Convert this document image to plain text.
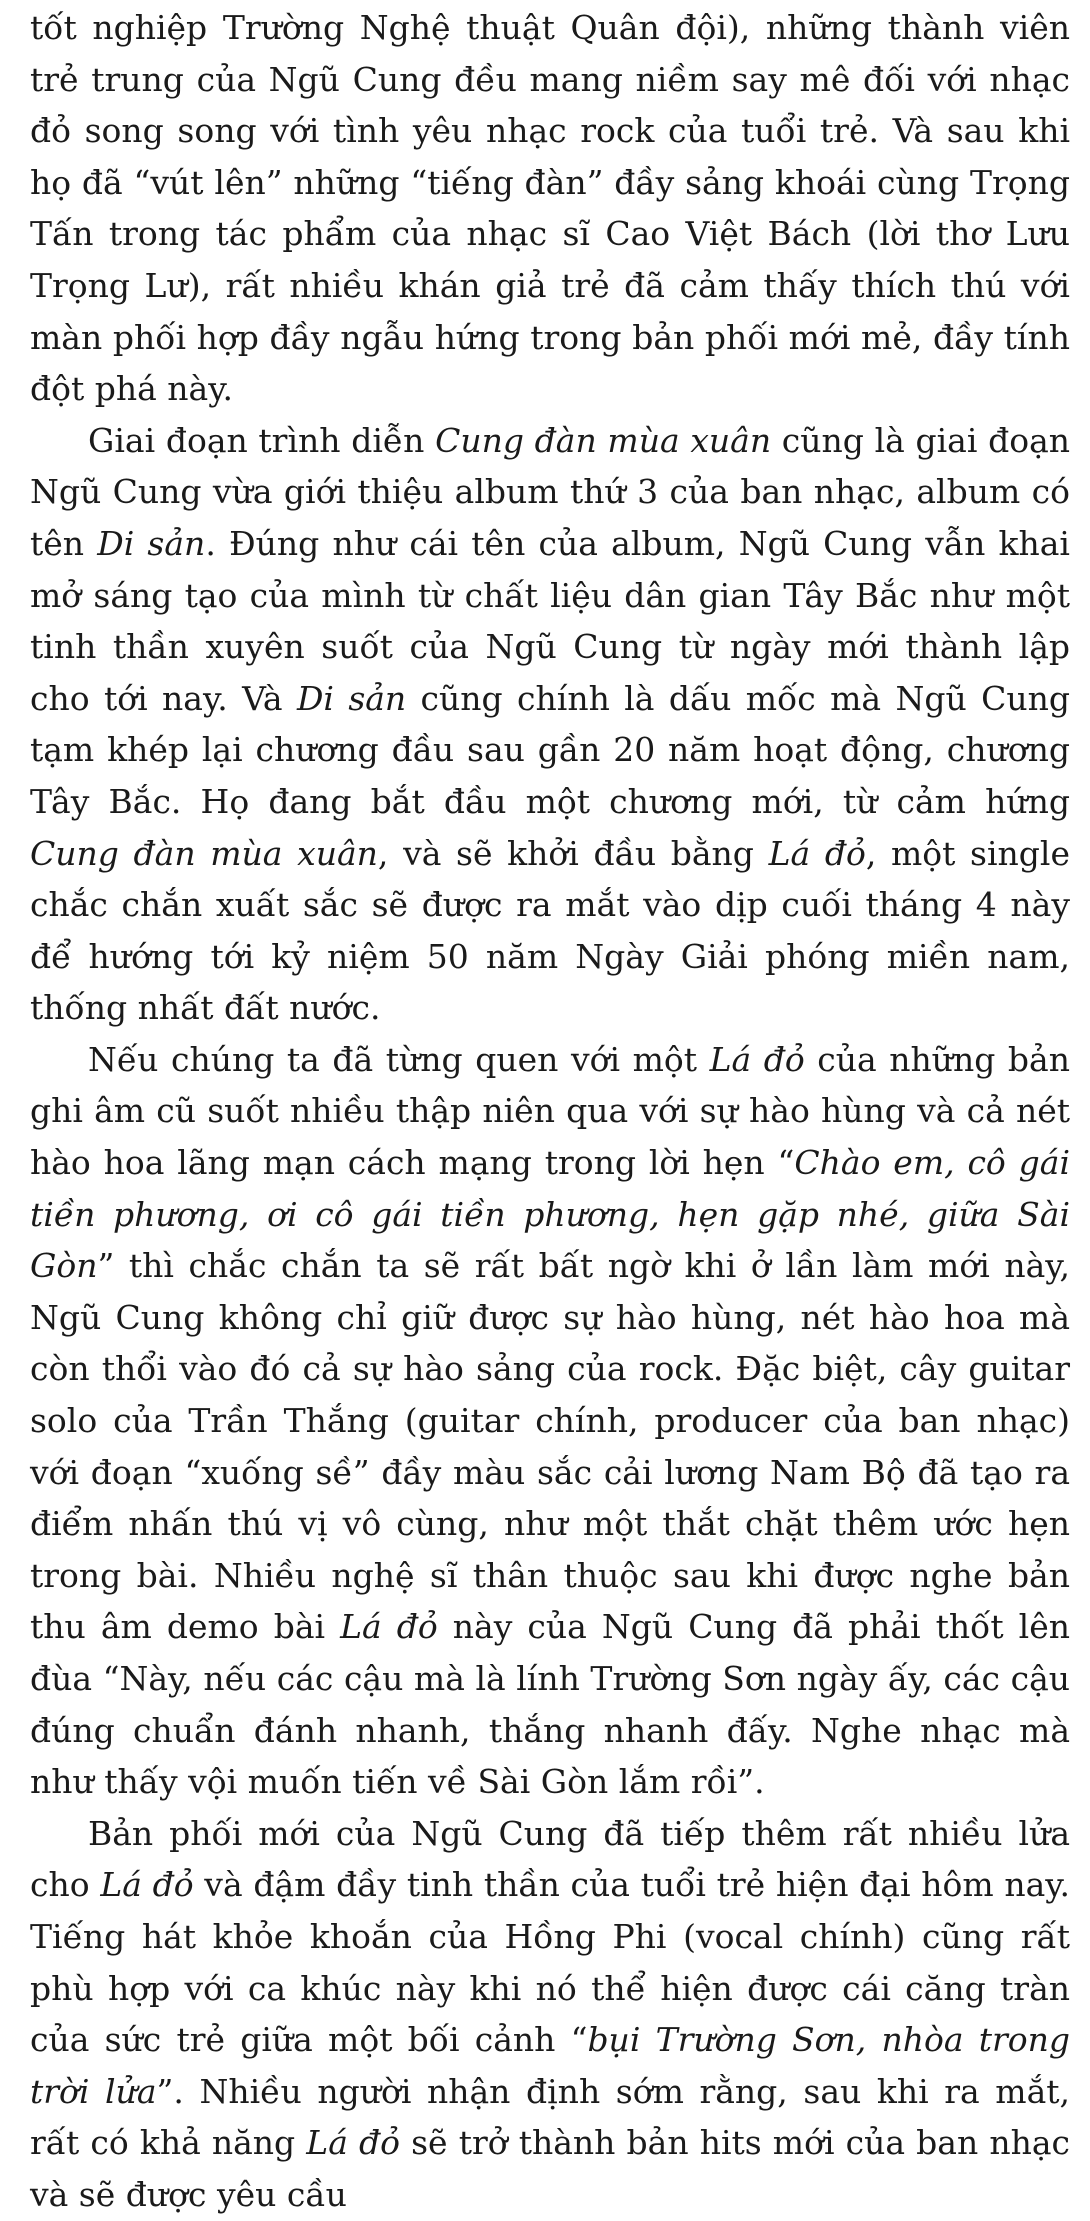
tốt nghiệp Trường Nghệ thuật Quân đội), những thành viên trẻ trung của Ngũ Cung đều mang niềm say mê đối với nhạc đỏ song song với tình yêu nhạc rock của tuổi trẻ. Và sau khi họ đã “vút lên” những “tiếng đàn” đầy sảng khoái cùng Trọng Tấn trong tác phẩm của nhạc sĩ Cao Việt Bách (lời thơ Lưu Trọng Lư), rất nhiều khán giả trẻ đã cảm thấy thích thú với màn phối hợp đầy ngẫu hứng trong bản phối mới mẻ, đầy tính đột phá này.

Giai đoạn trình diễn Cung đàn mùa xuân cũng là giai đoạn Ngũ Cung vừa giới thiệu album thứ 3 của ban nhạc, album có tên Di sản. Đúng như cái tên của album, Ngũ Cung vẫn khai mở sáng tạo của mình từ chất liệu dân gian Tây Bắc như một tinh thần xuyên suốt của Ngũ Cung từ ngày mới thành lập cho tới nay. Và Di sản cũng chính là dấu mốc mà Ngũ Cung tạm khép lại chương đầu sau gần 20 năm hoạt động, chương Tây Bắc. Họ đang bắt đầu một chương mới, từ cảm hứng Cung đàn mùa xuân, và sẽ khởi đầu bằng Lá đỏ, một single chắc chắn xuất sắc sẽ được ra mắt vào dịp cuối tháng 4 này để hướng tới kỷ niệm 50 năm Ngày Giải phóng miền nam, thống nhất đất nước.

Nếu chúng ta đã từng quen với một Lá đỏ của những bản ghi âm cũ suốt nhiều thập niên qua với sự hào hùng và cả nét hào hoa lãng mạn cách mạng trong lời hẹn “Chào em, cô gái tiền phương, ơi cô gái tiền phương, hẹn gặp nhé, giữa Sài Gòn” thì chắc chắn ta sẽ rất bất ngờ khi ở lần làm mới này, Ngũ Cung không chỉ giữ được sự hào hùng, nét hào hoa mà còn thổi vào đó cả sự hào sảng của rock. Đặc biệt, cây guitar solo của Trần Thắng (guitar chính, producer của ban nhạc) với đoạn “xuống sề” đầy màu sắc cải lương Nam Bộ đã tạo ra điểm nhấn thú vị vô cùng, như một thắt chặt thêm ước hẹn trong bài. Nhiều nghệ sĩ thân thuộc sau khi được nghe bản thu âm demo bài Lá đỏ này của Ngũ Cung đã phải thốt lên đùa “Này, nếu các cậu mà là lính Trường Sơn ngày ấy, các cậu đúng chuẩn đánh nhanh, thắng nhanh đấy. Nghe nhạc mà như thấy vội muốn tiến về Sài Gòn lắm rồi”.

Bản phối mới của Ngũ Cung đã tiếp thêm rất nhiều lửa cho Lá đỏ và đậm đầy tinh thần của tuổi trẻ hiện đại hôm nay. Tiếng hát khỏe khoắn của Hồng Phi (vocal chính) cũng rất phù hợp với ca khúc này khi nó thể hiện được cái căng tràn của sức trẻ giữa một bối cảnh “bụi Trường Sơn, nhòa trong trời lửa”. Nhiều người nhận định sớm rằng, sau khi ra mắt, rất có khả năng Lá đỏ sẽ trở thành bản hits mới của ban nhạc và sẽ được yêu cầu
